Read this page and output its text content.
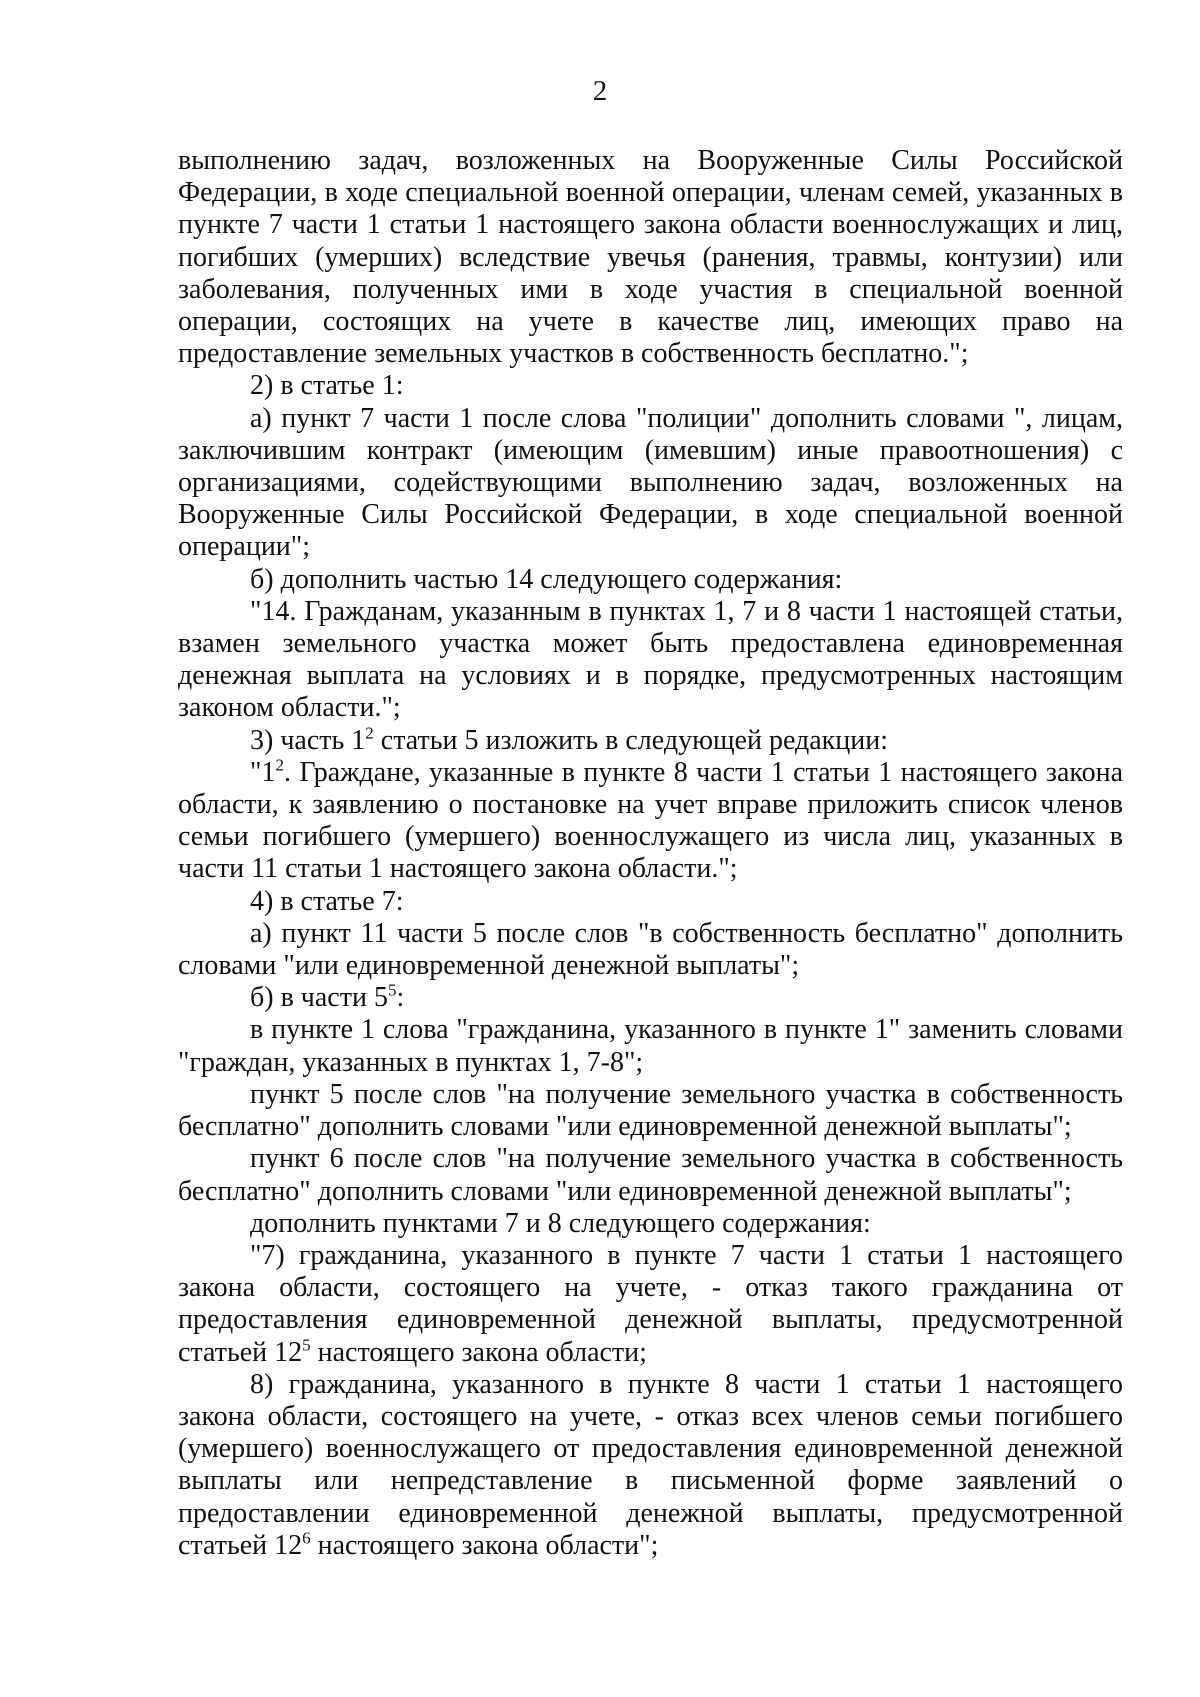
2

выполнению задач, возложенных на Вооруженные Силы Российской Федерации, в ходе специальной военной операции, членам семей, указанных в пункте 7 части 1 статьи 1 настоящего закона области военнослужащих и лиц, погибших (умерших) вследствие увечья (ранения, травмы, контузии) или заболевания, полученных ими в ходе участия в специальной военной операции, состоящих на учете в качестве лиц, имеющих право на предоставление земельных участков в собственность бесплатно.";

2) в статье 1:

а) пункт 7 части 1 после слова "полиции" дополнить словами ", лицам, заключившим контракт (имеющим (имевшим) иные правоотношения) с организациями, содействующими выполнению задач, возложенных на Вооруженные Силы Российской Федерации, в ходе специальной военной операции";

б) дополнить частью 14 следующего содержания:

"14. Гражданам, указанным в пунктах 1, 7 и 8 части 1 настоящей статьи, взамен земельного участка может быть предоставлена единовременная денежная выплата на условиях и в порядке, предусмотренных настоящим законом области.";

3) часть $1^2$ статьи 5 изложить в следующей редакции:

"$1^2$. Граждане, указанные в пункте 8 части 1 статьи 1 настоящего закона области, к заявлению о постановке на учет вправе приложить список членов семьи погибшего (умершего) военнослужащего из числа лиц, указанных в части 11 статьи 1 настоящего закона области.";

4) в статье 7:

а) пункт 11 части 5 после слов "в собственность бесплатно" дополнить словами "или единовременной денежной выплаты";

б) в части $5^5$:

в пункте 1 слова "гражданина, указанного в пункте 1" заменить словами "граждан, указанных в пунктах 1, 7-8";

пункт 5 после слов "на получение земельного участка в собственность бесплатно" дополнить словами "или единовременной денежной выплаты";

пункт 6 после слов "на получение земельного участка в собственность бесплатно" дополнить словами "или единовременной денежной выплаты";

дополнить пунктами 7 и 8 следующего содержания:

"7) гражданина, указанного в пункте 7 части 1 статьи 1 настоящего закона области, состоящего на учете, - отказ такого гражданина от предоставления единовременной денежной выплаты, предусмотренной статьей $12^5$ настоящего закона области;

8) гражданина, указанного в пункте 8 части 1 статьи 1 настоящего закона области, состоящего на учете, - отказ всех членов семьи погибшего (умершего) военнослужащего от предоставления единовременной денежной выплаты или непредставление в письменной форме заявлений о предоставлении единовременной денежной выплаты, предусмотренной статьей $12^6$ настоящего закона области";
